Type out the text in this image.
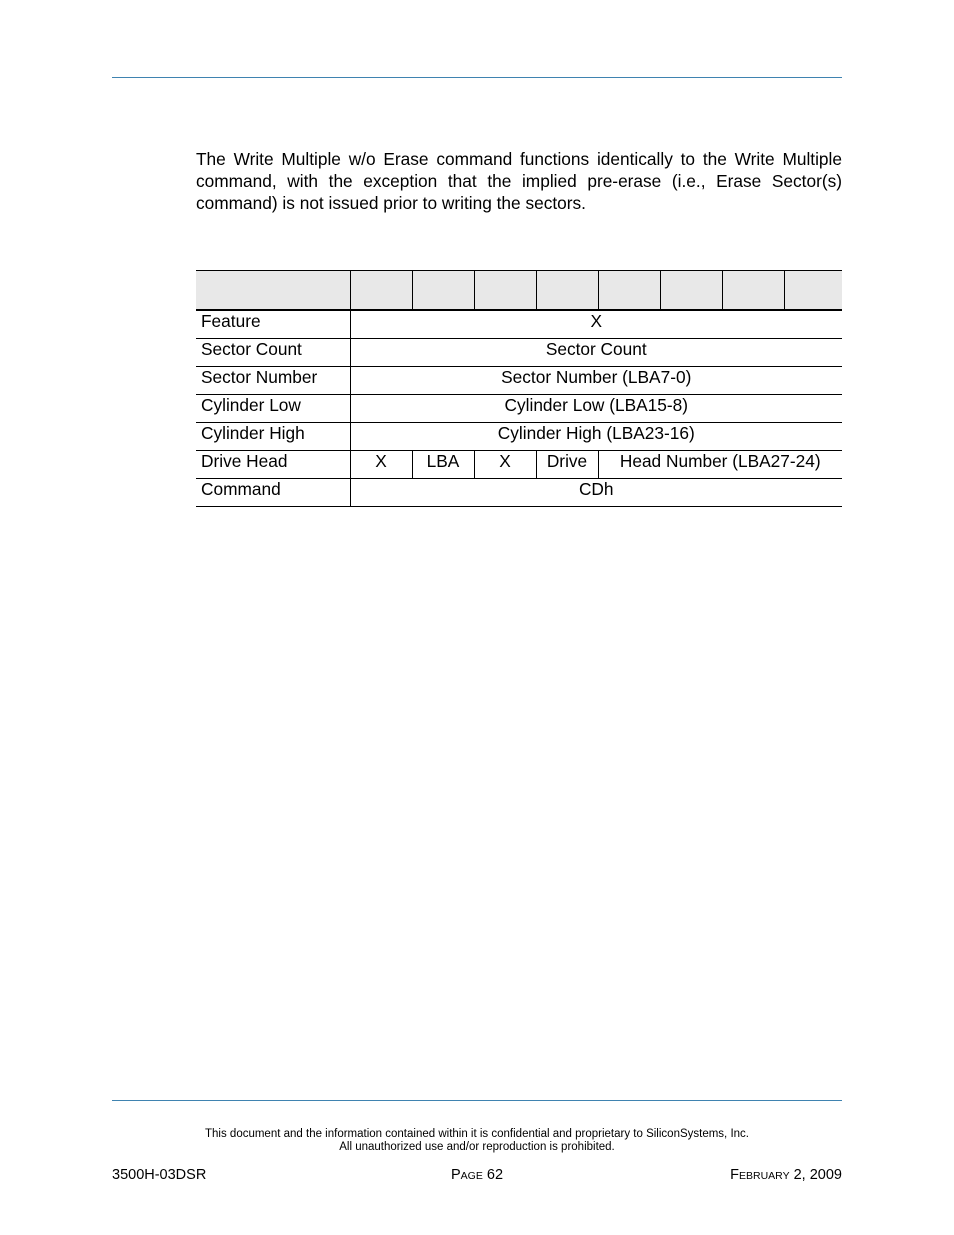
The Write Multiple w/o Erase command functions identically to the Write Multiple command, with the exception that the implied pre-erase (i.e., Erase Sector(s) command) is not issued prior to writing the sectors.

Feature	X							
Sector Count	Sector Count							
Sector Number	Sector Number (LBA7-0)							
Cylinder Low	Cylinder Low (LBA15-8)							
Cylinder High	Cylinder High (LBA23-16)							
Drive Head	X	LBA	X	Drive	Head Number (LBA27-24)			
Command	CDh							
This document and the information contained within it is confidential and proprietary to SiliconSystems, Inc.
All unauthorized use and/or reproduction is prohibited.
3500H-03DSR	PAGE 62	FEBRUARY 2, 2009
